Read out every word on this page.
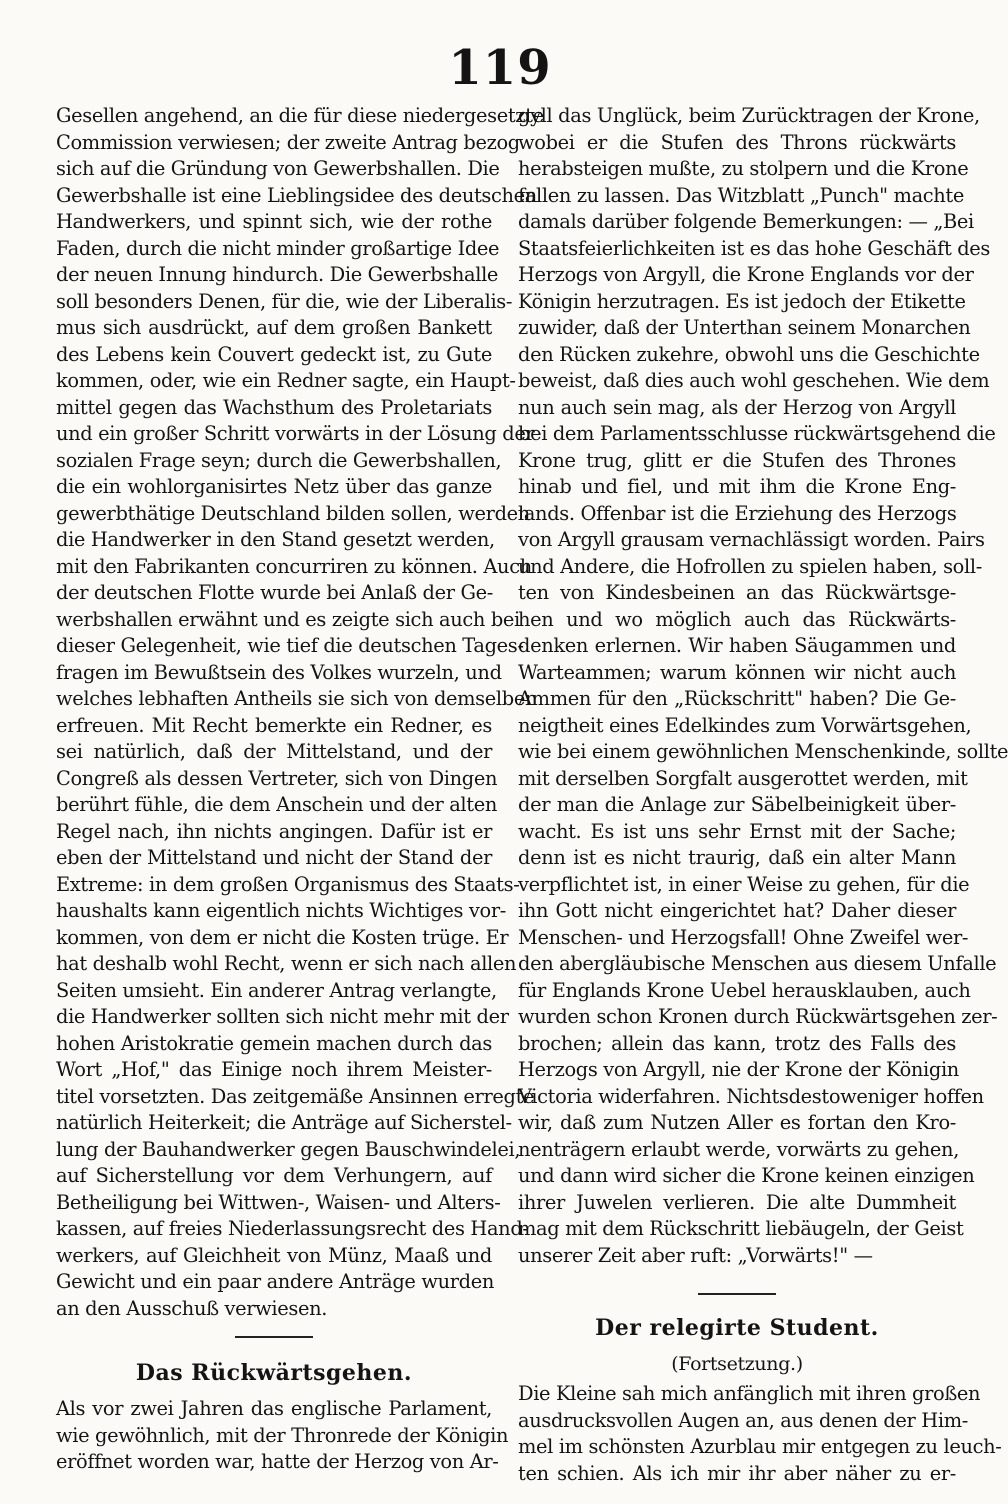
119
Gesellen angehend, an die für diese niedergesetzte
Commission verwiesen; der zweite Antrag bezog
sich auf die Gründung von Gewerbshallen. Die
Gewerbshalle ist eine Lieblingsidee des deutschen
Handwerkers, und spinnt sich, wie der rothe
Faden, durch die nicht minder großartige Idee
der neuen Innung hindurch. Die Gewerbshalle
soll besonders Denen, für die, wie der Liberalis-
mus sich ausdrückt, auf dem großen Bankett
des Lebens kein Couvert gedeckt ist, zu Gute
kommen, oder, wie ein Redner sagte, ein Haupt-
mittel gegen das Wachsthum des Proletariats
und ein großer Schritt vorwärts in der Lösung der
sozialen Frage seyn; durch die Gewerbshallen,
die ein wohlorganisirtes Netz über das ganze
gewerbthätige Deutschland bilden sollen, werden
die Handwerker in den Stand gesetzt werden,
mit den Fabrikanten concurriren zu können. Auch
der deutschen Flotte wurde bei Anlaß der Ge-
werbshallen erwähnt und es zeigte sich auch bei
dieser Gelegenheit, wie tief die deutschen Tages-
fragen im Bewußtsein des Volkes wurzeln, und
welches lebhaften Antheils sie sich von demselben
erfreuen. Mit Recht bemerkte ein Redner, es
sei natürlich, daß der Mittelstand, und der
Congreß als dessen Vertreter, sich von Dingen
berührt fühle, die dem Anschein und der alten
Regel nach, ihn nichts angingen. Dafür ist er
eben der Mittelstand und nicht der Stand der
Extreme: in dem großen Organismus des Staats-
haushalts kann eigentlich nichts Wichtiges vor-
kommen, von dem er nicht die Kosten trüge. Er
hat deshalb wohl Recht, wenn er sich nach allen
Seiten umsieht. Ein anderer Antrag verlangte,
die Handwerker sollten sich nicht mehr mit der
hohen Aristokratie gemein machen durch das
Wort „Hof," das Einige noch ihrem Meister-
titel vorsetzten. Das zeitgemäße Ansinnen erregte
natürlich Heiterkeit; die Anträge auf Sicherstel-
lung der Bauhandwerker gegen Bauschwindelei,
auf Sicherstellung vor dem Verhungern, auf
Betheiligung bei Wittwen-, Waisen- und Alters-
kassen, auf freies Niederlassungsrecht des Hand-
werkers, auf Gleichheit von Münz, Maaß und
Gewicht und ein paar andere Anträge wurden
an den Ausschuß verwiesen.
Das Rückwärtsgehen.
Als vor zwei Jahren das englische Parlament,
wie gewöhnlich, mit der Thronrede der Königin
eröffnet worden war, hatte der Herzog von Ar-
gyll das Unglück, beim Zurücktragen der Krone,
wobei er die Stufen des Throns rückwärts
herabsteigen mußte, zu stolpern und die Krone
fallen zu lassen. Das Witzblatt „Punch" machte
damals darüber folgende Bemerkungen: — „Bei
Staatsfeierlichkeiten ist es das hohe Geschäft des
Herzogs von Argyll, die Krone Englands vor der
Königin herzutragen. Es ist jedoch der Etikette
zuwider, daß der Unterthan seinem Monarchen
den Rücken zukehre, obwohl uns die Geschichte
beweist, daß dies auch wohl geschehen. Wie dem
nun auch sein mag, als der Herzog von Argyll
bei dem Parlamentsschlusse rückwärtsgehend die
Krone trug, glitt er die Stufen des Thrones
hinab und fiel, und mit ihm die Krone Eng-
lands. Offenbar ist die Erziehung des Herzogs
von Argyll grausam vernachlässigt worden. Pairs
und Andere, die Hofrollen zu spielen haben, soll-
ten von Kindesbeinen an das Rückwärtsge-
hen und wo möglich auch das Rückwärts-
denken erlernen. Wir haben Säugammen und
Warteammen; warum können wir nicht auch
Ammen für den „Rückschritt" haben? Die Ge-
neigtheit eines Edelkindes zum Vorwärtsgehen,
wie bei einem gewöhnlichen Menschenkinde, sollte
mit derselben Sorgfalt ausgerottet werden, mit
der man die Anlage zur Säbelbeinigkeit über-
wacht. Es ist uns sehr Ernst mit der Sache;
denn ist es nicht traurig, daß ein alter Mann
verpflichtet ist, in einer Weise zu gehen, für die
ihn Gott nicht eingerichtet hat? Daher dieser
Menschen- und Herzogsfall! Ohne Zweifel wer-
den abergläubische Menschen aus diesem Unfalle
für Englands Krone Uebel herausklauben, auch
wurden schon Kronen durch Rückwärtsgehen zer-
brochen; allein das kann, trotz des Falls des
Herzogs von Argyll, nie der Krone der Königin
Victoria widerfahren. Nichtsdestoweniger hoffen
wir, daß zum Nutzen Aller es fortan den Kro-
nenträgern erlaubt werde, vorwärts zu gehen,
und dann wird sicher die Krone keinen einzigen
ihrer Juwelen verlieren. Die alte Dummheit
mag mit dem Rückschritt liebäugeln, der Geist
unserer Zeit aber ruft: „Vorwärts!" —
Der relegirte Student.
(Fortsetzung.)
Die Kleine sah mich anfänglich mit ihren großen
ausdrucksvollen Augen an, aus denen der Him-
mel im schönsten Azurblau mir entgegen zu leuch-
ten schien. Als ich mir ihr aber näher zu er-
